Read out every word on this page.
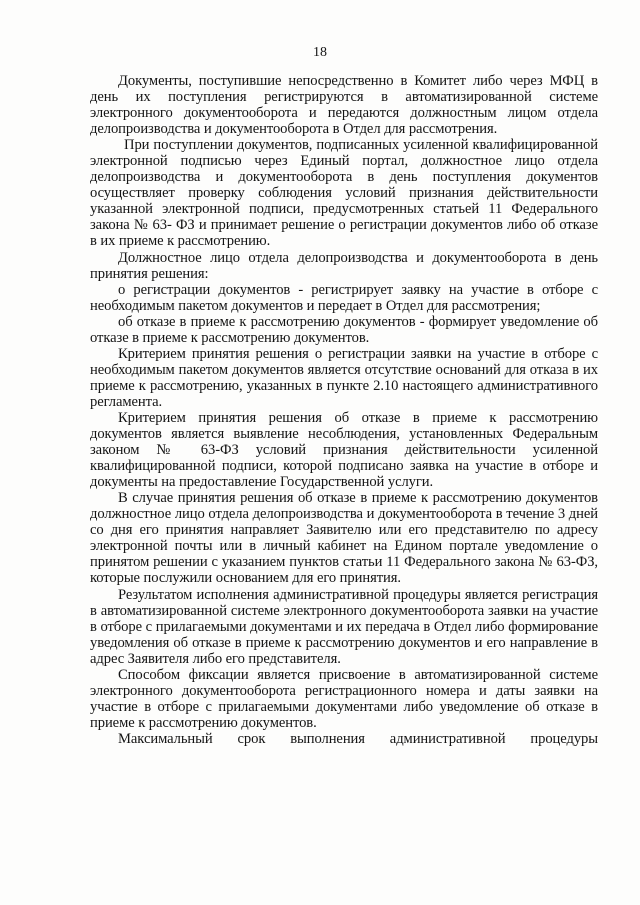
18

Документы, поступившие непосредственно в Комитет либо через МФЦ в день их поступления регистрируются в автоматизированной системе электронного документооборота и передаются должностным лицом отдела делопроизводства и документооборота в Отдел для рассмотрения.

При поступлении документов, подписанных усиленной квалифицированной электронной подписью через Единый портал, должностное лицо отдела делопроизводства и документооборота в день поступления документов осуществляет проверку соблюдения условий признания действительности указанной электронной подписи, предусмотренных статьей 11 Федерального закона № 63- ФЗ и принимает решение о регистрации документов либо об отказе в их приеме к рассмотрению.

Должностное лицо отдела делопроизводства и документооборота в день принятия решения:

о регистрации документов - регистрирует заявку на участие в отборе с необходимым пакетом документов и передает в Отдел для рассмотрения;

об отказе в приеме к рассмотрению документов - формирует уведомление об отказе в приеме к рассмотрению документов.

Критерием принятия решения о регистрации заявки на участие в отборе с необходимым пакетом документов является отсутствие оснований для отказа в их приеме к рассмотрению, указанных в пункте 2.10 настоящего административного регламента.

Критерием принятия решения об отказе в приеме к рассмотрению документов является выявление несоблюдения, установленных Федеральным законом № 63-ФЗ условий признания действительности усиленной квалифицированной подписи, которой подписано заявка на участие в отборе и документы на предоставление Государственной услуги.

В случае принятия решения об отказе в приеме к рассмотрению документов должностное лицо отдела делопроизводства и документооборота в течение 3 дней со дня его принятия направляет Заявителю или его представителю по адресу электронной почты или в личный кабинет на Едином портале уведомление о принятом решении с указанием пунктов статьи 11 Федерального закона № 63-ФЗ, которые послужили основанием для его принятия.

Результатом исполнения административной процедуры является регистрация в автоматизированной системе электронного документооборота заявки на участие в отборе с прилагаемыми документами и их передача в Отдел либо формирование уведомления об отказе в приеме к рассмотрению документов и его направление в адрес Заявителя либо его представителя.

Способом фиксации является присвоение в автоматизированной системе электронного документооборота регистрационного номера и даты заявки на участие в отборе с прилагаемыми документами либо уведомление об отказе в приеме к рассмотрению документов.

Максимальный срок выполнения административной процедуры
